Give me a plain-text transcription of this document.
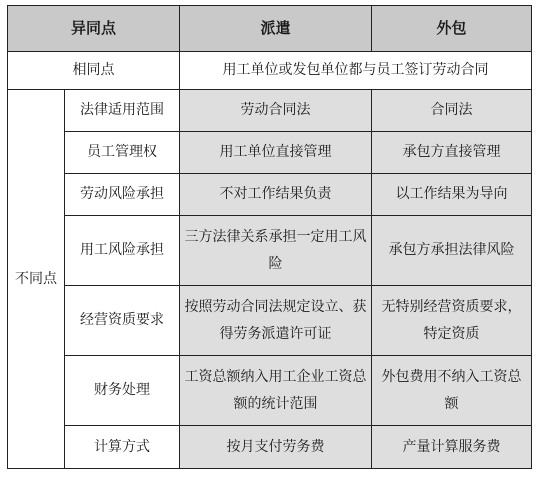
异同点		派遣	外包
相同点		用工单位或发包单位都与员工签订劳动合同	
不同点	法律适用范围	劳动合同法	合同法
	员工管理权	用工单位直接管理	承包方直接管理
	劳动风险承担	不对工作结果负责	以工作结果为导向
	用工风险承担	三方法律关系承担一定用工风险	承包方承担法律风险
	经营资质要求	按照劳动合同法规定设立、获得劳务派遣许可证	无特别经营资质要求，特定资质
	财务处理	工资总额纳入用工企业工资总额的统计范围	外包费用不纳入工资总额
	计算方式	按月支付劳务费	产量计算服务费
